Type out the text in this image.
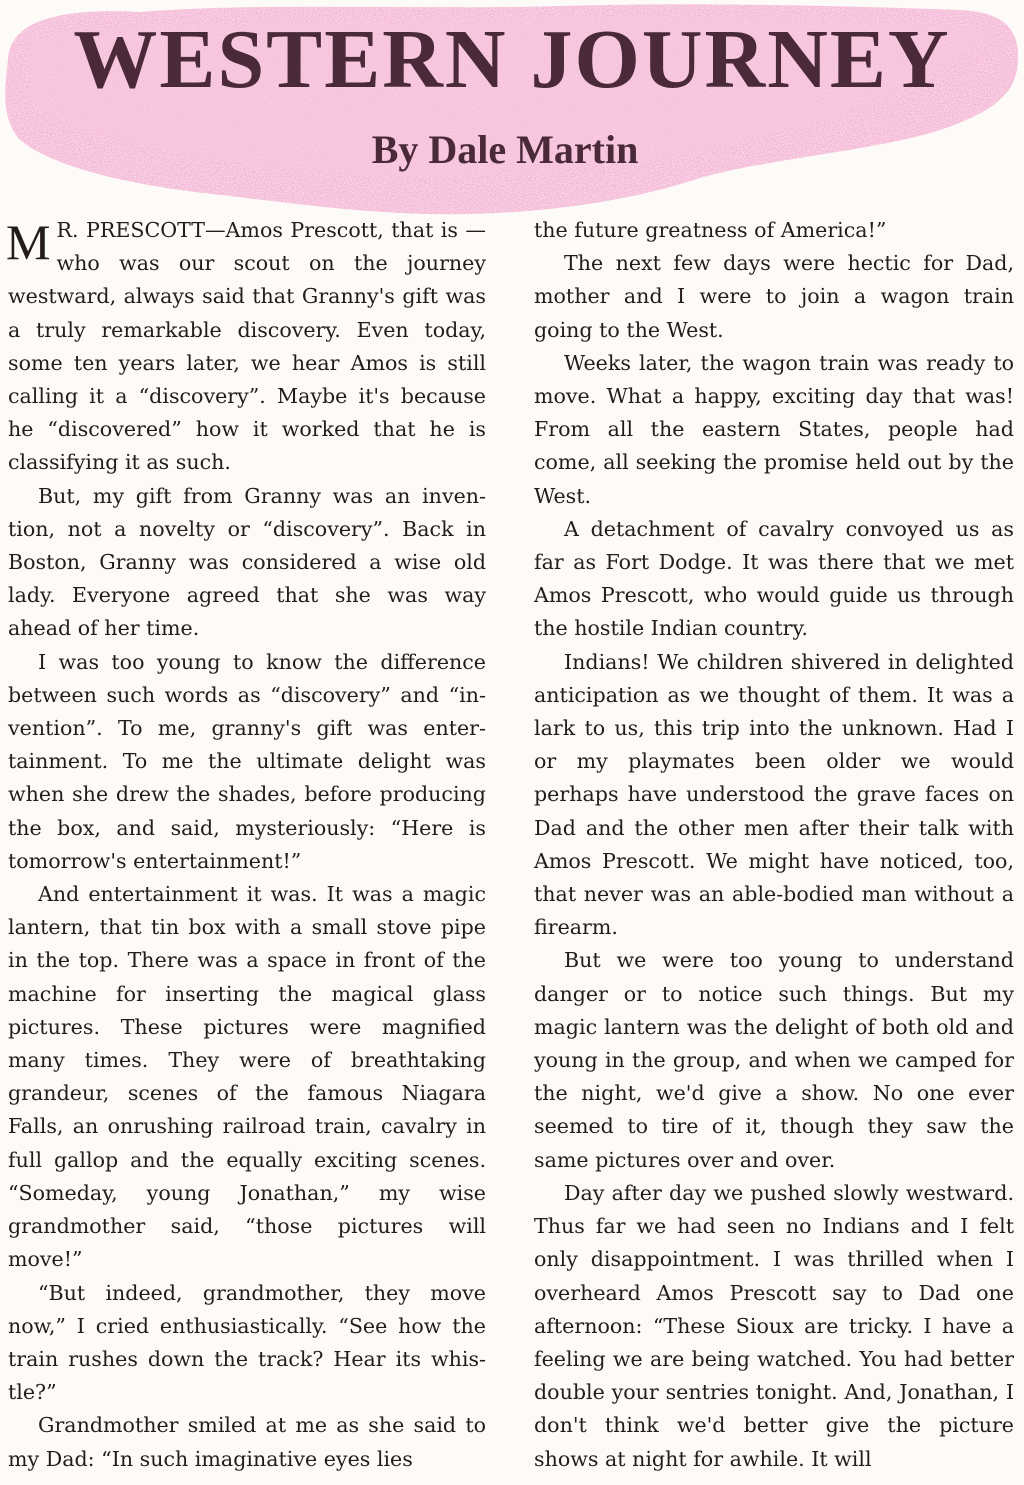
WESTERN JOURNEY
By Dale Martin

M R. PRESCOTT—Amos Prescott, that is —who was our scout on the journey westward, always said that Granny's gift was a truly remarkable discovery. Even today, some ten years later, we hear Amos is still calling it a “discovery”. Maybe it's because he “discovered” how it worked that he is classifying it as such.

But, my gift from Granny was an invention, not a novelty or “discovery”. Back in Boston, Granny was considered a wise old lady. Everyone agreed that she was way ahead of her time.

I was too young to know the difference between such words as “discovery” and “invention”. To me, granny's gift was entertainment. To me the ultimate delight was when she drew the shades, before producing the box, and said, mysteriously: “Here is tomorrow's entertainment!”

And entertainment it was. It was a magic lantern, that tin box with a small stove pipe in the top. There was a space in front of the machine for inserting the magical glass pictures. These pictures were magnified many times. They were of breathtaking grandeur, scenes of the famous Niagara Falls, an onrushing railroad train, cavalry in full gallop and the equally exciting scenes. “Someday, young Jonathan,” my wise grandmother said, “those pictures will move!”

“But indeed, grandmother, they move now,” I cried enthusiastically. “See how the train rushes down the track? Hear its whistle?”

Grandmother smiled at me as she said to my Dad: “In such imaginative eyes lies

the future greatness of America!”

The next few days were hectic for Dad, mother and I were to join a wagon train going to the West.

Weeks later, the wagon train was ready to move. What a happy, exciting day that was! From all the eastern States, people had come, all seeking the promise held out by the West.

A detachment of cavalry convoyed us as far as Fort Dodge. It was there that we met Amos Prescott, who would guide us through the hostile Indian country.

Indians! We children shivered in delighted anticipation as we thought of them. It was a lark to us, this trip into the unknown. Had I or my playmates been older we would perhaps have understood the grave faces on Dad and the other men after their talk with Amos Prescott. We might have noticed, too, that never was an able-bodied man without a firearm.

But we were too young to understand danger or to notice such things. But my magic lantern was the delight of both old and young in the group, and when we camped for the night, we'd give a show. No one ever seemed to tire of it, though they saw the same pictures over and over.

Day after day we pushed slowly westward. Thus far we had seen no Indians and I felt only disappointment. I was thrilled when I overheard Amos Prescott say to Dad one afternoon: “These Sioux are tricky. I have a feeling we are being watched. You had better double your sentries tonight. And, Jonathan, I don't think we'd better give the picture shows at night for awhile. It will
